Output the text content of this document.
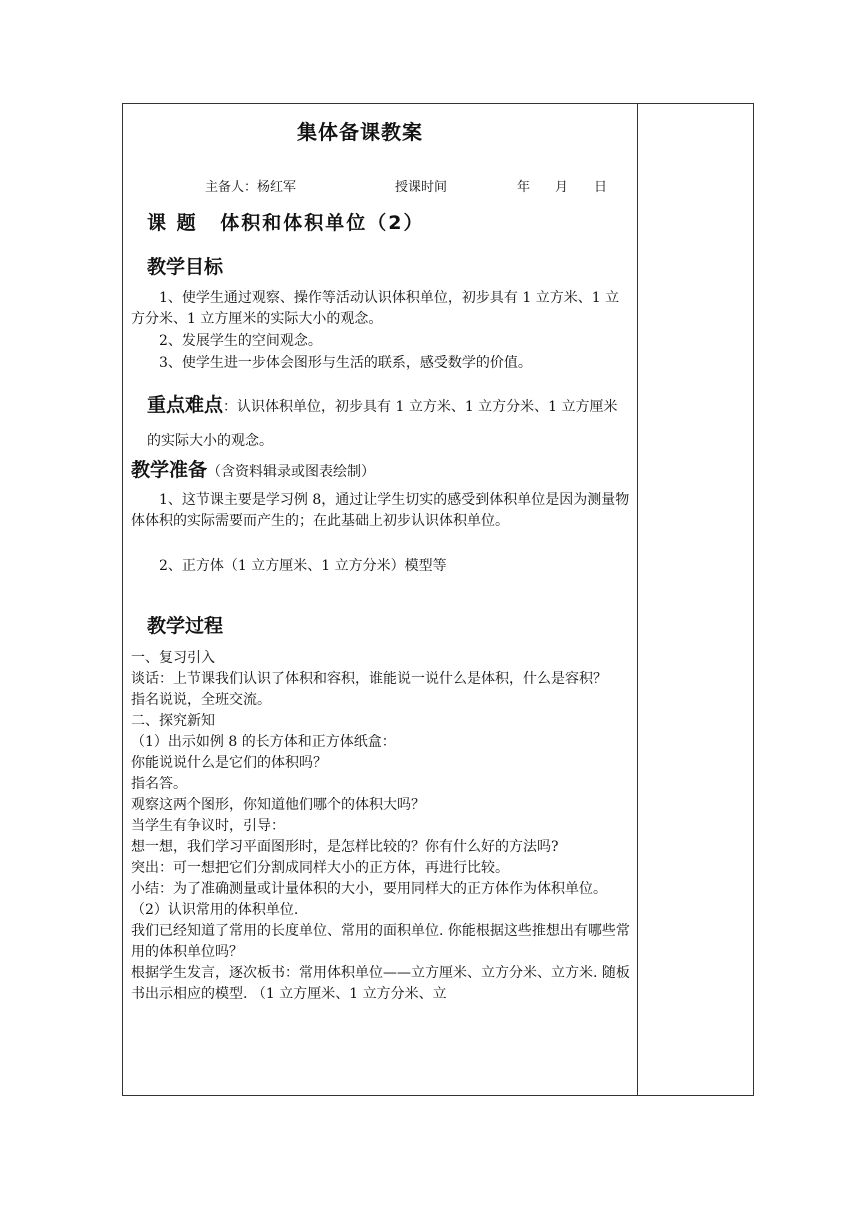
集体备课教案
主备人：杨红军	授课时间	年 月 日
课 题 体积和体积单位（2）
教学目标

1、使学生通过观察、操作等活动认识体积单位，初步具有 1 立方米、1 立方分米、1 立方厘米的实际大小的观念。

2、发展学生的空间观念。

3、使学生进一步体会图形与生活的联系，感受数学的价值。

重点难点：认识体积单位，初步具有 1 立方米、1 立方分米、1 立方厘米的实际大小的观念。
教学准备（含资料辑录或图表绘制）

1、这节课主要是学习例 8，通过让学生切实的感受到体积单位是因为测量物体体积的实际需要而产生的；在此基础上初步认识体积单位。

2、正方体（1 立方厘米、1 立方分米）模型等

教学过程
一、复习引入
谈话：上节课我们认识了体积和容积，谁能说一说什么是体积，什么是容积？
指名说说，全班交流。
二、探究新知
（1）出示如例 8 的长方体和正方体纸盒：
你能说说什么是它们的体积吗？
指名答。
观察这两个图形，你知道他们哪个的体积大吗？
当学生有争议时，引导：
想一想，我们学习平面图形时，是怎样比较的？你有什么好的方法吗?
突出：可一想把它们分割成同样大小的正方体，再进行比较。
小结：为了准确测量或计量体积的大小，要用同样大的正方体作为体积单位。
（2）认识常用的体积单位.
我们已经知道了常用的长度单位、常用的面积单位. 你能根据这些推想出有哪些常用的体积单位吗？
根据学生发言，逐次板书：常用体积单位——立方厘米、立方分米、立方米. 随板书出示相应的模型. （1 立方厘米、1 立方分米、立
